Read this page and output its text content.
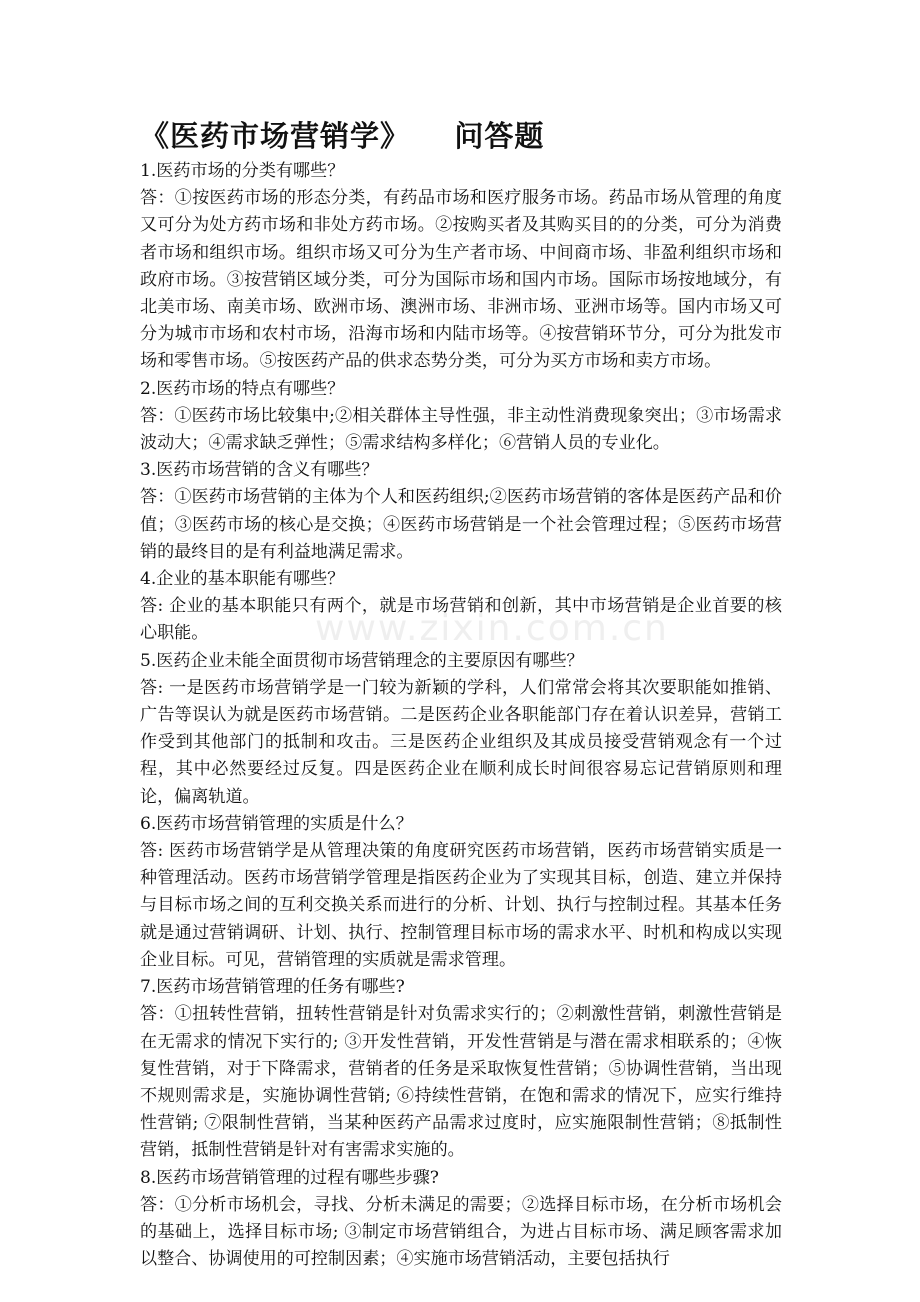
www.zixin.com.cn
《医药市场营销学》    问答题

1.医药市场的分类有哪些？

答：①按医药市场的形态分类，有药品市场和医疗服务市场。药品市场从管理的角度又可分为处方药市场和非处方药市场。②按购买者及其购买目的的分类，可分为消费者市场和组织市场。组织市场又可分为生产者市场、中间商市场、非盈利组织市场和政府市场。③按营销区域分类，可分为国际市场和国内市场。国际市场按地域分，有北美市场、南美市场、欧洲市场、澳洲市场、非洲市场、亚洲市场等。国内市场又可分为城市市场和农村市场，沿海市场和内陆市场等。④按营销环节分，可分为批发市场和零售市场。⑤按医药产品的供求态势分类，可分为买方市场和卖方市场。

2.医药市场的特点有哪些？

答：①医药市场比较集中;②相关群体主导性强，非主动性消费现象突出；③市场需求波动大；④需求缺乏弹性；⑤需求结构多样化；⑥营销人员的专业化。

3.医药市场营销的含义有哪些？

答：①医药市场营销的主体为个人和医药组织;②医药市场营销的客体是医药产品和价值；③医药市场的核心是交换；④医药市场营销是一个社会管理过程；⑤医药市场营销的最终目的是有利益地满足需求。

4.企业的基本职能有哪些？

答: 企业的基本职能只有两个，就是市场营销和创新，其中市场营销是企业首要的核心职能。

5.医药企业未能全面贯彻市场营销理念的主要原因有哪些？

答: 一是医药市场营销学是一门较为新颖的学科，人们常常会将其次要职能如推销、广告等误认为就是医药市场营销。二是医药企业各职能部门存在着认识差异，营销工作受到其他部门的抵制和攻击。三是医药企业组织及其成员接受营销观念有一个过程，其中必然要经过反复。四是医药企业在顺利成长时间很容易忘记营销原则和理论，偏离轨道。

6.医药市场营销管理的实质是什么？

答: 医药市场营销学是从管理决策的角度研究医药市场营销，医药市场营销实质是一种管理活动。医药市场营销学管理是指医药企业为了实现其目标，创造、建立并保持与目标市场之间的互利交换关系而进行的分析、计划、执行与控制过程。其基本任务就是通过营销调研、计划、执行、控制管理目标市场的需求水平、时机和构成以实现企业目标。可见，营销管理的实质就是需求管理。

7.医药市场营销管理的任务有哪些?

答：①扭转性营销，扭转性营销是针对负需求实行的；②刺激性营销，刺激性营销是在无需求的情况下实行的; ③开发性营销，开发性营销是与潜在需求相联系的；④恢复性营销，对于下降需求，营销者的任务是采取恢复性营销；⑤协调性营销，当出现不规则需求是，实施协调性营销; ⑥持续性营销，在饱和需求的情况下，应实行维持性营销; ⑦限制性营销，当某种医药产品需求过度时，应实施限制性营销；⑧抵制性营销，抵制性营销是针对有害需求实施的。

8.医药市场营销管理的过程有哪些步骤?

答：①分析市场机会，寻找、分析未满足的需要；②选择目标市场，在分析市场机会的基础上，选择目标市场; ③制定市场营销组合，为进占目标市场、满足顾客需求加以整合、协调使用的可控制因素；④实施市场营销活动，主要包括执行
